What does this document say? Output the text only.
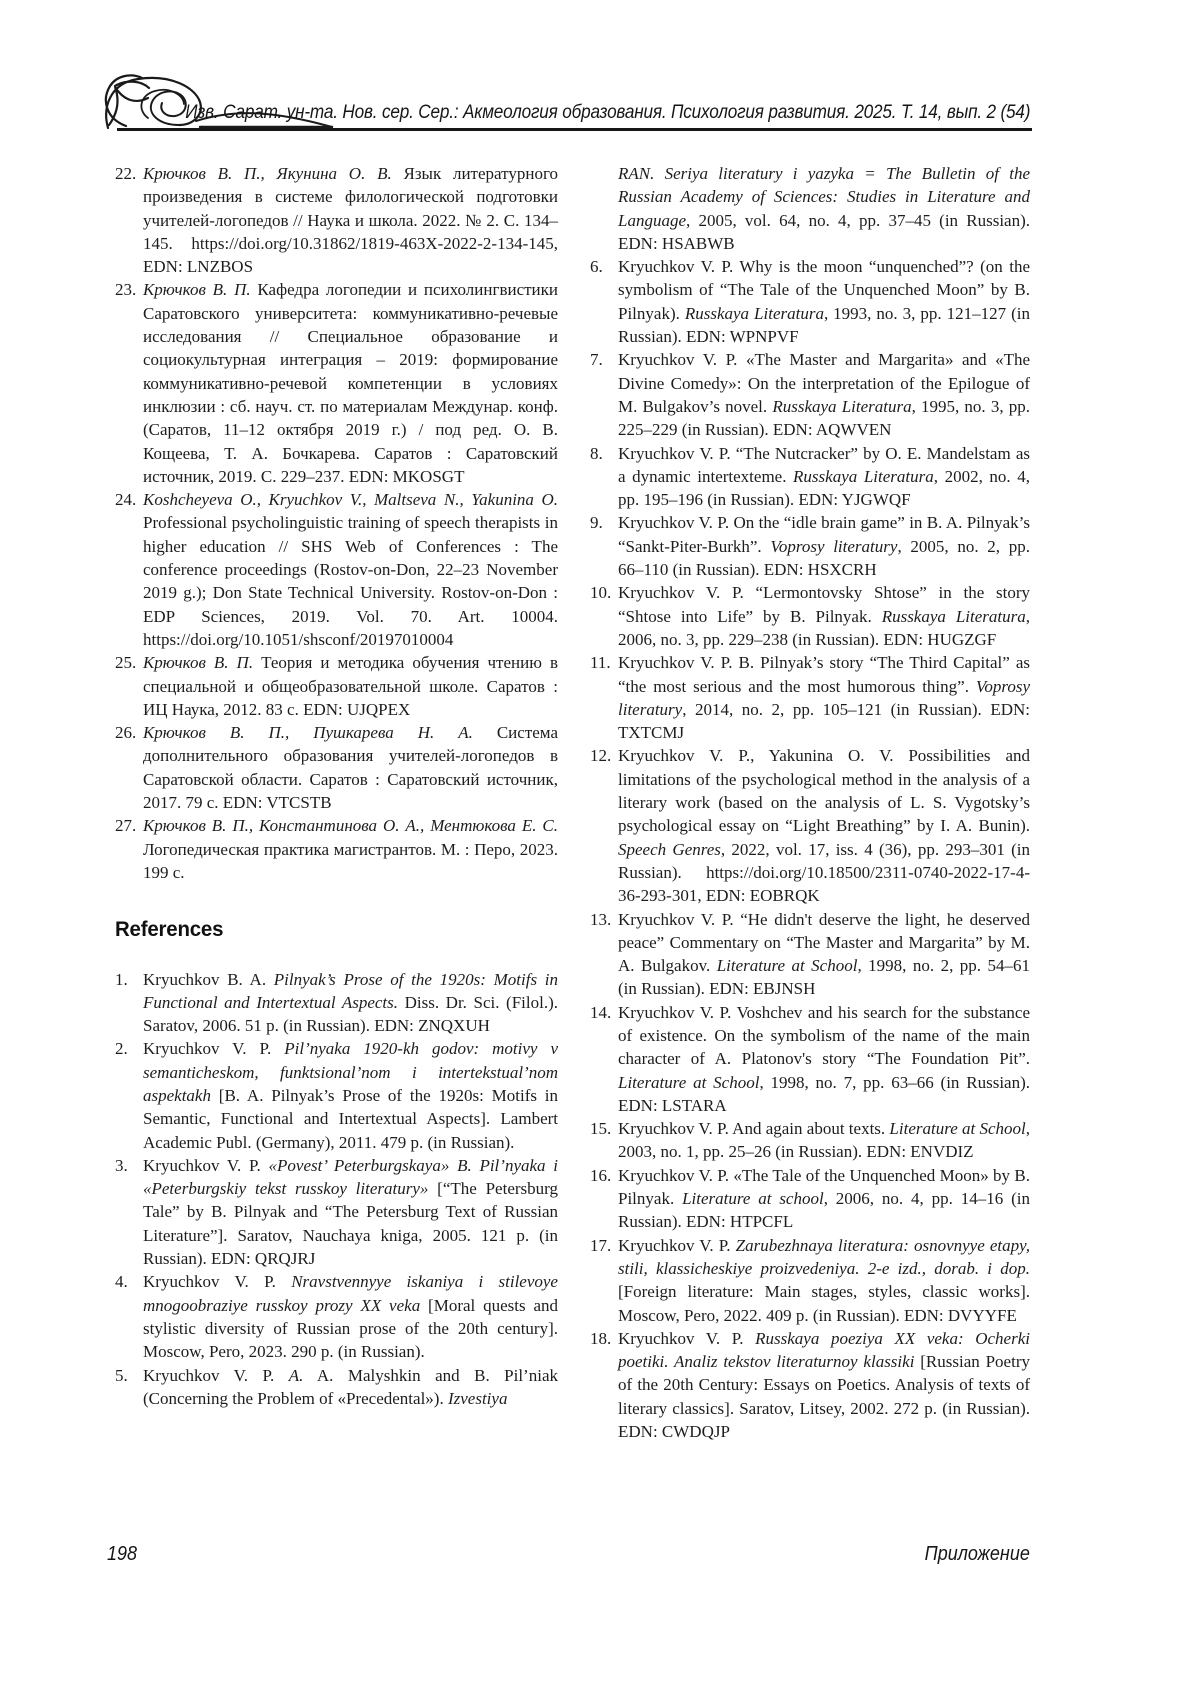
Изв. Сарат. ун-та. Нов. сер. Сер.: Акмеология образования. Психология развития. 2025. Т. 14, вып. 2 (54)
22. Крючков В. П., Якунина О. В. Язык литературного произведения в системе филологической подготовки учителей-логопедов // Наука и школа. 2022. № 2. С. 134–145. https://doi.org/10.31862/1819-463X-2022-2-134-145, EDN: LNZBOS
23. Крючков В. П. Кафедра логопедии и психолингвистики Саратовского университета: коммуникативно-речевые исследования // Специальное образование и социокультурная интеграция – 2019: формирование коммуникативно-речевой компетенции в условиях инклюзии : сб. науч. ст. по материалам Междунар. конф. (Саратов, 11–12 октября 2019 г.) / под ред. О. В. Кощеева, Т. А. Бочкарева. Саратов : Саратовский источник, 2019. С. 229–237. EDN: MKOSGT
24. Koshcheyeva O., Kryuchkov V., Maltseva N., Yakunina O. Professional psycholinguistic training of speech therapists in higher education // SHS Web of Conferences : The conference proceedings (Rostov-on-Don, 22–23 November 2019 g.); Don State Technical University. Rostov-on-Don : EDP Sciences, 2019. Vol. 70. Art. 10004. https://doi.org/10.1051/shsconf/20197010004
25. Крючков В. П. Теория и методика обучения чтению в специальной и общеобразовательной школе. Саратов : ИЦ Наука, 2012. 83 с. EDN: UJQPEX
26. Крючков В. П., Пушкарева Н. А. Система дополнительного образования учителей-логопедов в Саратовской области. Саратов : Саратовский источник, 2017. 79 с. EDN: VTCSTB
27. Крючков В. П., Константинова О. А., Ментюкова Е. С. Логопедическая практика магистрантов. М. : Перо, 2023. 199 с.
References
1. Kryuchkov B. A. Pilnyak’s Prose of the 1920s: Motifs in Functional and Intertextual Aspects. Diss. Dr. Sci. (Filol.). Saratov, 2006. 51 p. (in Russian). EDN: ZNQXUH
2. Kryuchkov V. P. Pil’nyaka 1920-kh godov: motivy v semanticheskom, funktsional’nom i intertekstual’nom aspektakh [B. A. Pilnyak’s Prose of the 1920s: Motifs in Semantic, Functional and Intertextual Aspects]. Lambert Academic Publ. (Germany), 2011. 479 p. (in Russian).
3. Kryuchkov V. P. «Povest’ Peterburgskaya» B. Pil’nyaka i «Peterburgskiy tekst russkoy literatury» [“The Petersburg Tale” by B. Pilnyak and “The Petersburg Text of Russian Literature”]. Saratov, Nauchaya kniga, 2005. 121 p. (in Russian). EDN: QRQJRJ
4. Kryuchkov V. P. Nravstvennyye iskaniya i stilevoye mnogoobraziye russkoy prozy XX veka [Moral quests and stylistic diversity of Russian prose of the 20th century]. Moscow, Pero, 2023. 290 p. (in Russian).
5. Kryuchkov V. P. A. A. Malyshkin and B. Pil’niak (Concerning the Problem of «Precedental»). Izvestiya
RAN. Seriya literatury i yazyka = The Bulletin of the Russian Academy of Sciences: Studies in Literature and Language, 2005, vol. 64, no. 4, pp. 37–45 (in Russian). EDN: HSABWB
6. Kryuchkov V. P. Why is the moon “unquenched”? (on the symbolism of “The Tale of the Unquenched Moon” by B. Pilnyak). Russkaya Literatura, 1993, no. 3, pp. 121–127 (in Russian). EDN: WPNPVF
7. Kryuchkov V. P. «The Master and Margarita» and «The Divine Comedy»: On the interpretation of the Epilogue of M. Bulgakov’s novel. Russkaya Literatura, 1995, no. 3, pp. 225–229 (in Russian). EDN: AQWVEN
8. Kryuchkov V. P. “The Nutcracker” by O. E. Mandelstam as a dynamic intertexteme. Russkaya Literatura, 2002, no. 4, pp. 195–196 (in Russian). EDN: YJGWQF
9. Kryuchkov V. P. On the “idle brain game” in B. A. Pilnyak’s “Sankt-Piter-Burkh”. Voprosy literatury, 2005, no. 2, pp. 66–110 (in Russian). EDN: HSXCRH
10. Kryuchkov V. P. “Lermontovsky Shtose” in the story “Shtose into Life” by B. Pilnyak. Russkaya Literatura, 2006, no. 3, pp. 229–238 (in Russian). EDN: HUGZGF
11. Kryuchkov V. P. B. Pilnyak’s story “The Third Capital” as “the most serious and the most humorous thing”. Voprosy literatury, 2014, no. 2, pp. 105–121 (in Russian). EDN: TXTCMJ
12. Kryuchkov V. P., Yakunina O. V. Possibilities and limitations of the psychological method in the analysis of a literary work (based on the analysis of L. S. Vygotsky’s psychological essay on “Light Breathing” by I. A. Bunin). Speech Genres, 2022, vol. 17, iss. 4 (36), pp. 293–301 (in Russian). https://doi.org/10.18500/2311-0740-2022-17-4-36-293-301, EDN: EOBRQK
13. Kryuchkov V. P. “He didn't deserve the light, he deserved peace” Commentary on “The Master and Margarita” by M. A. Bulgakov. Literature at School, 1998, no. 2, pp. 54–61 (in Russian). EDN: EBJNSH
14. Kryuchkov V. P. Voshchev and his search for the substance of existence. On the symbolism of the name of the main character of A. Platonov's story “The Foundation Pit”. Literature at School, 1998, no. 7, pp. 63–66 (in Russian). EDN: LSTARA
15. Kryuchkov V. P. And again about texts. Literature at School, 2003, no. 1, pp. 25–26 (in Russian). EDN: ENVDIZ
16. Kryuchkov V. P. «The Tale of the Unquenched Moon» by B. Pilnyak. Literature at school, 2006, no. 4, pp. 14–16 (in Russian). EDN: HTPCFL
17. Kryuchkov V. P. Zarubezhnaya literatura: osnovnyye etapy, stili, klassicheskiye proizvedeniya. 2-e izd., dorab. i dop. [Foreign literature: Main stages, styles, classic works]. Moscow, Pero, 2022. 409 p. (in Russian). EDN: DVYYFE
18. Kryuchkov V. P. Russkaya poeziya XX veka: Ocherki poetiki. Analiz tekstov literaturnoy klassiki [Russian Poetry of the 20th Century: Essays on Poetics. Analysis of texts of literary classics]. Saratov, Litsey, 2002. 272 p. (in Russian). EDN: CWDQJP
198	Приложение
